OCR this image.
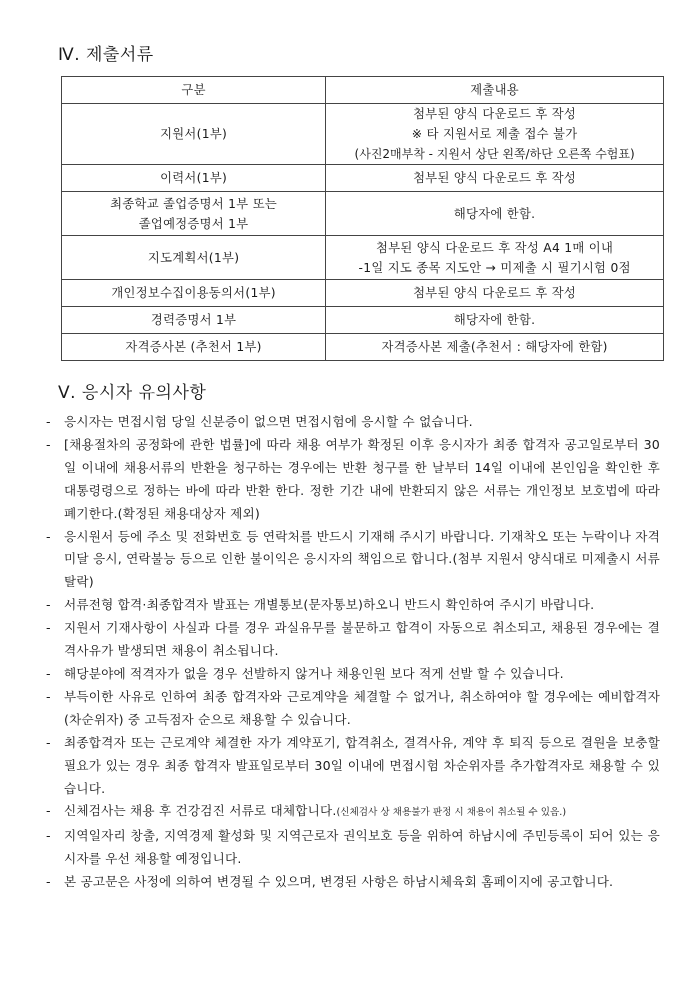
Ⅳ. 제출서류
구분	제출내용

지원서(1부)	첨부된 양식 다운로드 후 작성
※ 타 지원서로 제출 접수 불가
(사진2매부착 - 지원서 상단 왼쪽/하단 오른쪽 수험표)

이력서(1부)	첨부된 양식 다운로드 후 작성

최종학교 졸업증명서 1부 또는
졸업예정증명서 1부	해당자에 한함.

지도계획서(1부)	첨부된 양식 다운로드 후 작성 A4 1매 이내
-1일 지도 종목 지도안 → 미제출 시 필기시험 0점

개인정보수집이용동의서(1부)	첨부된 양식 다운로드 후 작성

경력증명서 1부	해당자에 한함.

자격증사본 (추천서 1부)	자격증사본 제출(추천서 : 해당자에 한함)
Ⅴ. 응시자 유의사항
- 응시자는 면접시험 당일 신분증이 없으면 면접시험에 응시할 수 없습니다.
- [채용절차의 공정화에 관한 법률]에 따라 채용 여부가 확정된 이후 응시자가 최종 합격자 공고일로부터 30일 이내에 채용서류의 반환을 청구하는 경우에는 반환 청구를 한 날부터 14일 이내에 본인임을 확인한 후 대통령령으로 정하는 바에 따라 반환 한다. 정한 기간 내에 반환되지 않은 서류는 개인정보 보호법에 따라 폐기한다.(확정된 채용대상자 제외)
- 응시원서 등에 주소 및 전화번호 등 연락처를 반드시 기재해 주시기 바랍니다. 기재착오 또는 누락이나 자격미달 응시, 연락불능 등으로 인한 불이익은 응시자의 책임으로 합니다.(첨부 지원서 양식대로 미제출시 서류탈락)
- 서류전형 합격·최종합격자 발표는 개별통보(문자통보)하오니 반드시 확인하여 주시기 바랍니다.
- 지원서 기재사항이 사실과 다를 경우 과실유무를 불문하고 합격이 자동으로 취소되고, 채용된 경우에는 결격사유가 발생되면 채용이 취소됩니다.
- 해당분야에 적격자가 없을 경우 선발하지 않거나 채용인원 보다 적게 선발 할 수 있습니다.
- 부득이한 사유로 인하여 최종 합격자와 근로계약을 체결할 수 없거나, 취소하여야 할 경우에는 예비합격자(차순위자) 중 고득점자 순으로 채용할 수 있습니다.
- 최종합격자 또는 근로계약 체결한 자가 계약포기, 합격취소, 결격사유, 계약 후 퇴직 등으로 결원을 보충할 필요가 있는 경우 최종 합격자 발표일로부터 30일 이내에 면접시험 차순위자를 추가합격자로 채용할 수 있습니다.
- 신체검사는 채용 후 건강검진 서류로 대체합니다.(신체검사 상 채용불가 판정 시 채용이 취소될 수 있음.)
- 지역일자리 창출, 지역경제 활성화 및 지역근로자 권익보호 등을 위하여 하남시에 주민등록이 되어 있는 응시자를 우선 채용할 예정입니다.
- 본 공고문은 사정에 의하여 변경될 수 있으며, 변경된 사항은 하남시체육회 홈페이지에 공고합니다.
